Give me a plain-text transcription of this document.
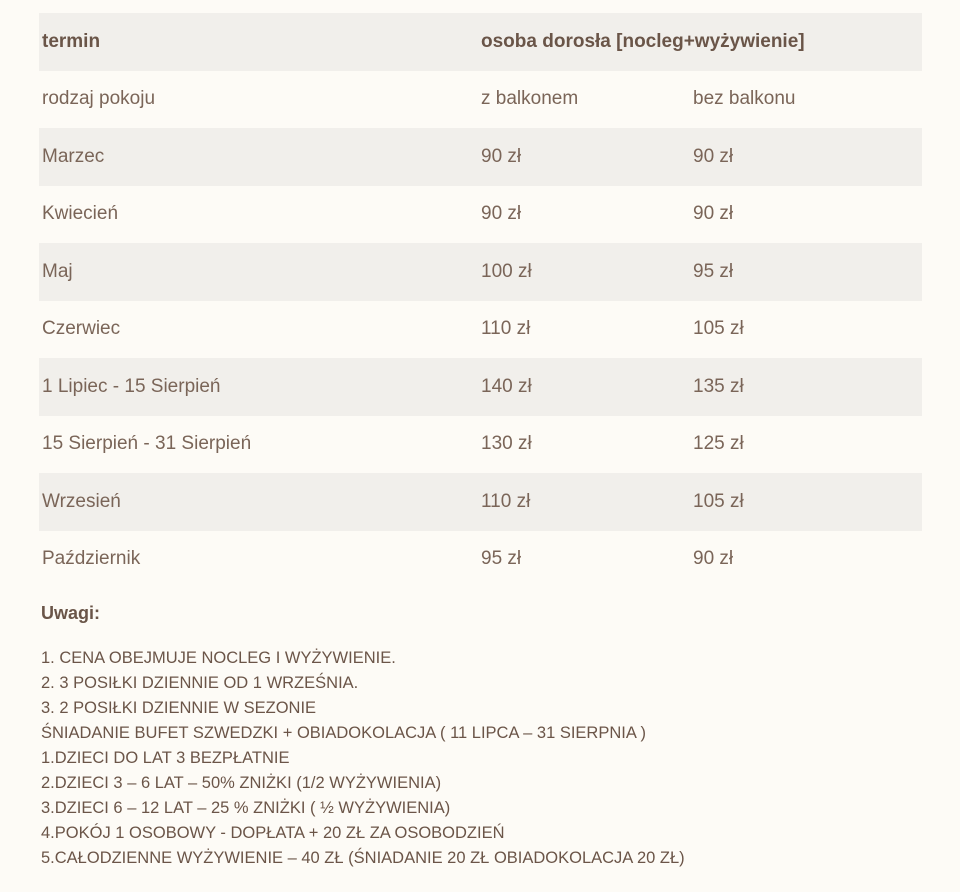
termin	osoba dorosła [nocleg+wyżywienie]
rodzaj pokoju	z balkonem	bez balkonu
Marzec	90 zł	90 zł
Kwiecień	90 zł	90 zł
Maj	100 zł	95 zł
Czerwiec	110 zł	105 zł
1 Lipiec - 15 Sierpień	140 zł	135 zł
15 Sierpień - 31 Sierpień	130 zł	125 zł
Wrzesień	110 zł	105 zł
Październik	95 zł	90 zł
Uwagi:
1. CENA OBEJMUJE NOCLEG I WYŻYWIENIE.
2. 3 POSIŁKI DZIENNIE OD 1 WRZEŚNIA.
3. 2 POSIŁKI DZIENNIE W SEZONIE
ŚNIADANIE BUFET SZWEDZKI + OBIADOKOLACJA ( 11 LIPCA – 31 SIERPNIA )
1.DZIECI DO LAT 3 BEZPŁATNIE
2.DZIECI 3 – 6 LAT – 50% ZNIŻKI (1/2 WYŻYWIENIA)
3.DZIECI 6 – 12 LAT – 25 % ZNIŻKI ( ½ WYŻYWIENIA)
4.POKÓJ 1 OSOBOWY - DOPŁATA + 20 ZŁ ZA OSOBODZIEŃ
5.CAŁODZIENNE WYŻYWIENIE – 40 ZŁ (ŚNIADANIE 20 ZŁ OBIADOKOLACJA 20 ZŁ)
